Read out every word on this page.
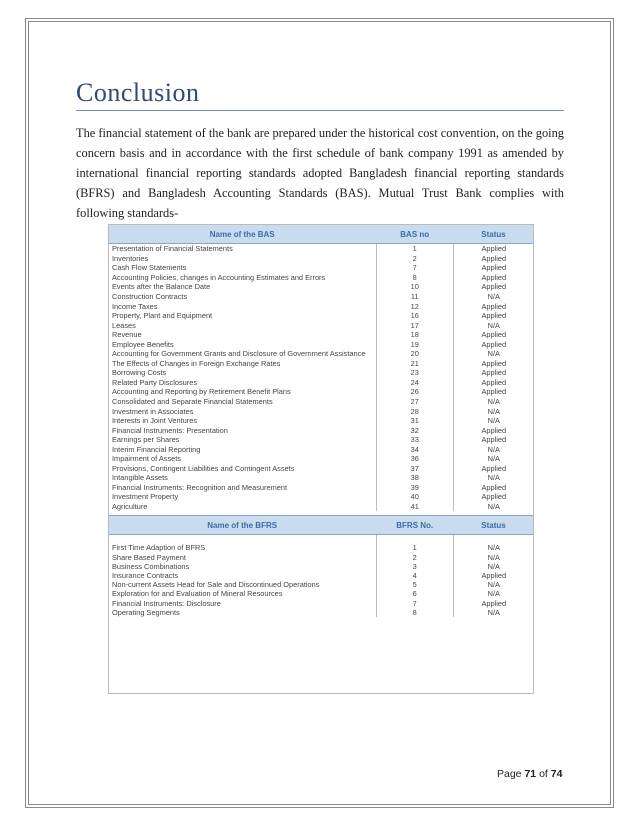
Conclusion
The financial statement of the bank are prepared under the historical cost convention, on the going concern basis and in accordance with the first schedule of bank company 1991 as amended by international financial reporting standards adopted Bangladesh financial reporting standards (BFRS) and Bangladesh Accounting Standards (BAS). Mutual Trust Bank complies with following standards-
Name of the BAS	BAS no	Status
Presentation of Financial Statements	1	Applied
Inventories	2	Applied
Cash Flow Statements	7	Applied
Accounting Policies, changes in Accounting Estimates and Errors	8	Applied
Events after the Balance Date	10	Applied
Construction Contracts	11	N/A
Income Taxes	12	Applied
Property, Plant and Equipment	16	Applied
Leases	17	N/A
Revenue	18	Applied
Employee Benefits	19	Applied
Accounting for Government Grants and Disclosure of Government Assistance	20	N/A
The Effects of Changes in Foreign Exchange Rates	21	Applied
Borrowing Costs	23	Applied
Related Party Disclosures	24	Applied
Accounting and Reporting by Retirement Benefit Plans	26	Applied
Consolidated and Separate Financial Statements	27	N/A
Investment in Associates	28	N/A
Interests in Joint Ventures	31	N/A
Financial Instruments: Presentation	32	Applied
Earnings per Shares	33	Applied
Interim Financial Reporting	34	N/A
Impairment of Assets	36	N/A
Provisions, Contingent Liabilities and Contingent Assets	37	Applied
Intangible Assets	38	N/A
Financial Instruments: Recognition and Measurement	39	Applied
Investment Property	40	Applied
Agriculture	41	N/A
Name of the BFRS	BFRS No.	Status

First Time Adaption of BFRS	1	N/A
Share Based Payment	2	N/A
Business Combinations	3	N/A
Insurance Contracts	4	Applied
Non-current Assets Head for Sale and Discontinued Operations	5	N/A
Exploration for and Evaluation of Mineral Resources	6	N/A
Financial Instruments: Disclosure	7	Applied
Operating Segments	8	N/A
Page 71 of 74
